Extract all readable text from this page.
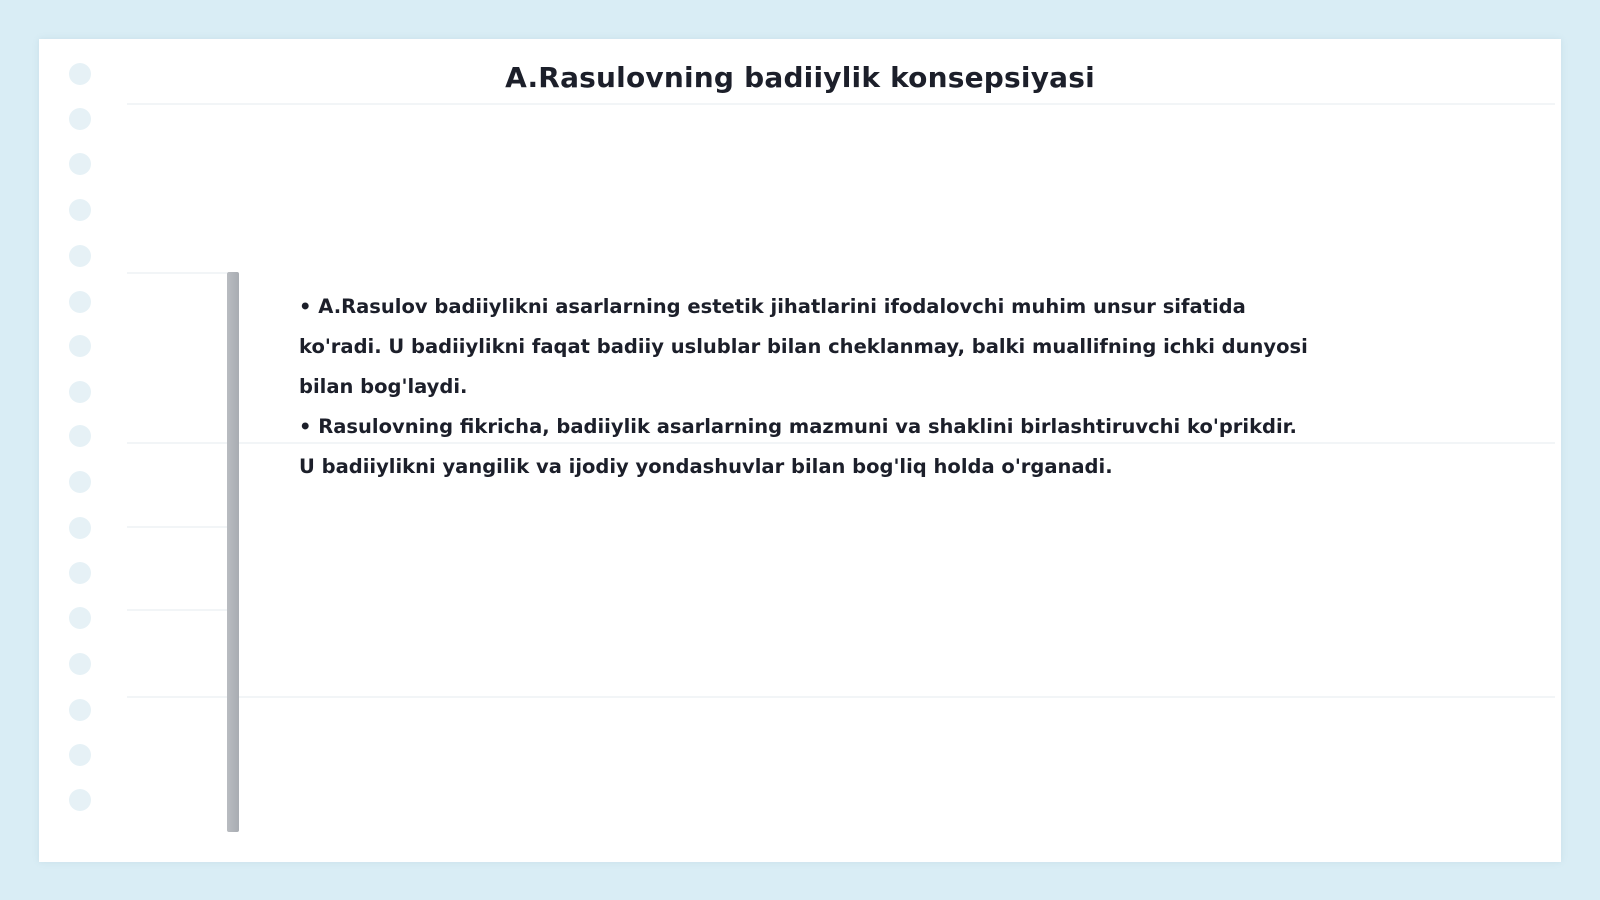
A.Rasulovning badiiylik konsepsiyasi

• A.Rasulov badiiylikni asarlarning estetik jihatlarini ifodalovchi muhim unsur sifatida ko'radi. U badiiylikni faqat badiiy uslublar bilan cheklanmay, balki muallifning ichki dunyosi bilan bog'laydi.

• Rasulovning fikricha, badiiylik asarlarning mazmuni va shaklini birlashtiruvchi ko'prikdir. U badiiylikni yangilik va ijodiy yondashuvlar bilan bog'liq holda o'rganadi.
